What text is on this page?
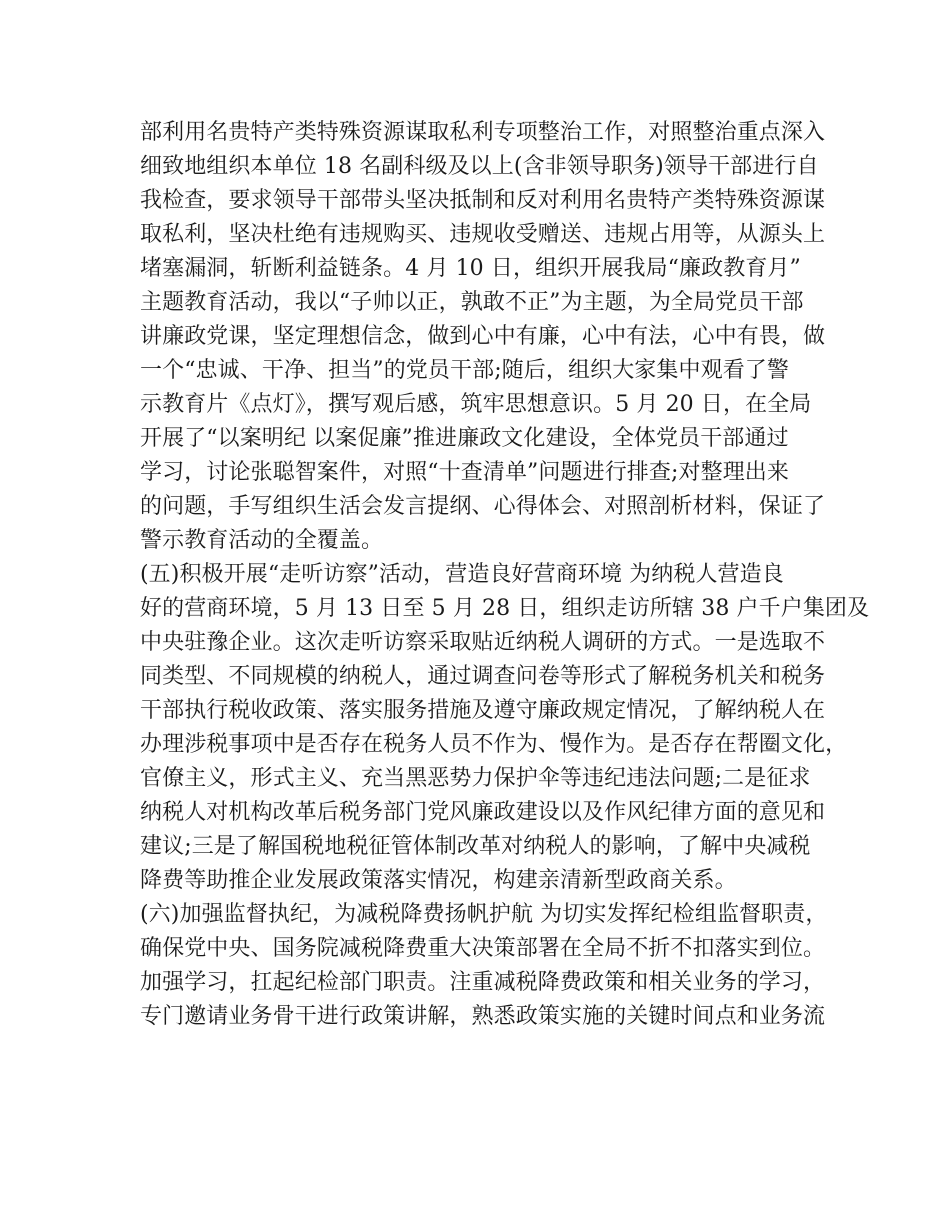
部利用名贵特产类特殊资源谋取私利专项整治工作，对照整治重点深入
细致地组织本单位 18 名副科级及以上(含非领导职务)领导干部进行自
我检查，要求领导干部带头坚决抵制和反对利用名贵特产类特殊资源谋
取私利，坚决杜绝有违规购买、违规收受赠送、违规占用等，从源头上
堵塞漏洞，斩断利益链条。4 月 10 日，组织开展我局“廉政教育月”
主题教育活动，我以“子帅以正，孰敢不正”为主题，为全局党员干部
讲廉政党课，坚定理想信念，做到心中有廉，心中有法，心中有畏，做
一个“忠诚、干净、担当”的党员干部;随后，组织大家集中观看了警
示教育片《点灯》，撰写观后感，筑牢思想意识。5 月 20 日，在全局
开展了“以案明纪 以案促廉”推进廉政文化建设，全体党员干部通过
学习，讨论张聪智案件，对照“十查清单”问题进行排查;对整理出来
的问题，手写组织生活会发言提纲、心得体会、对照剖析材料，保证了
警示教育活动的全覆盖。
(五)积极开展“走听访察”活动，营造良好营商环境 为纳税人营造良
好的营商环境，5 月 13 日至 5 月 28 日，组织走访所辖 38 户千户集团及
中央驻豫企业。这次走听访察采取贴近纳税人调研的方式。一是选取不
同类型、不同规模的纳税人，通过调查问卷等形式了解税务机关和税务
干部执行税收政策、落实服务措施及遵守廉政规定情况，了解纳税人在
办理涉税事项中是否存在税务人员不作为、慢作为。是否存在帮圈文化，
官僚主义，形式主义、充当黑恶势力保护伞等违纪违法问题;二是征求
纳税人对机构改革后税务部门党风廉政建设以及作风纪律方面的意见和
建议;三是了解国税地税征管体制改革对纳税人的影响，了解中央减税
降费等助推企业发展政策落实情况，构建亲清新型政商关系。
(六)加强监督执纪，为减税降费扬帆护航 为切实发挥纪检组监督职责，
确保党中央、国务院减税降费重大决策部署在全局不折不扣落实到位。
加强学习，扛起纪检部门职责。注重减税降费政策和相关业务的学习，
专门邀请业务骨干进行政策讲解，熟悉政策实施的关键时间点和业务流
